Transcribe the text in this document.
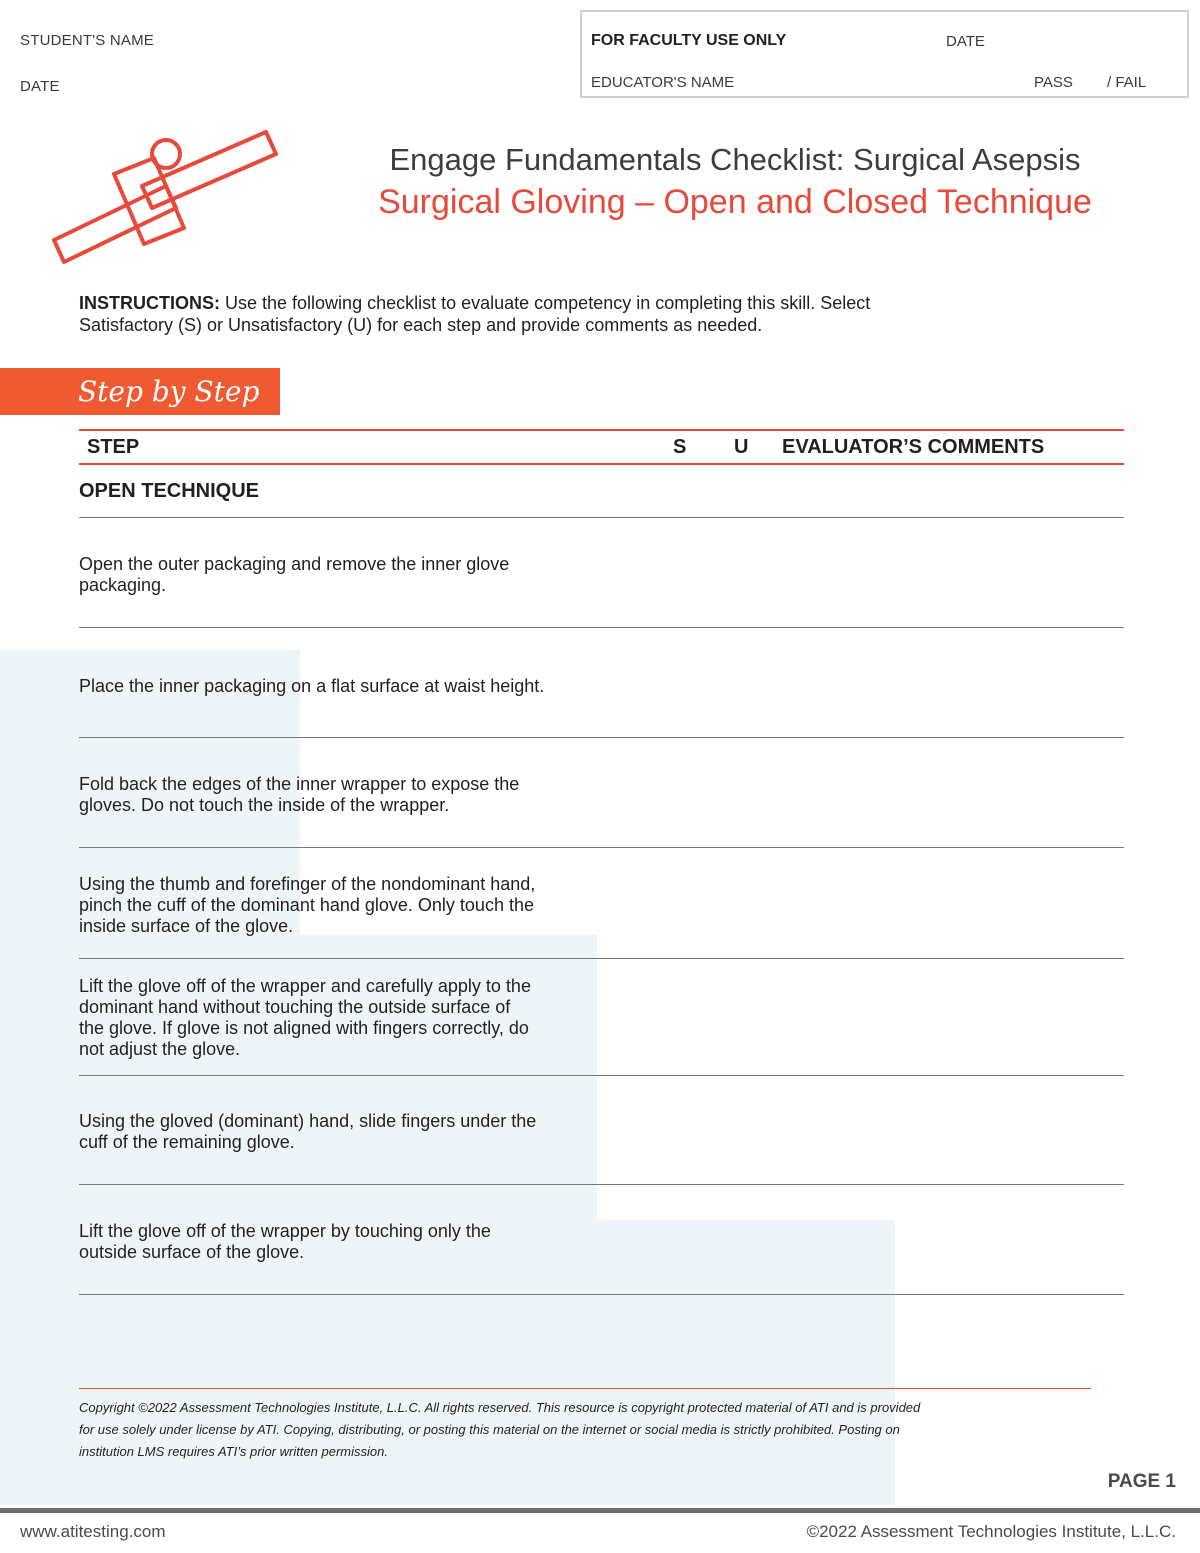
STUDENT'S NAME
DATE
FOR FACULTY USE ONLY	DATE
EDUCATOR'S NAME	PASS / FAIL
Engage Fundamentals Checklist: Surgical Asepsis
Surgical Gloving – Open and Closed Technique
INSTRUCTIONS: Use the following checklist to evaluate competency in completing this skill. Select
Satisfactory (S) or Unsatisfactory (U) for each step and provide comments as needed.
Step by Step
STEP	S U EVALUATOR’S COMMENTS
OPEN TECHNIQUE
Open the outer packaging and remove the inner glove
packaging.
Place the inner packaging on a flat surface at waist height.
Fold back the edges of the inner wrapper to expose the
gloves. Do not touch the inside of the wrapper.
Using the thumb and forefinger of the nondominant hand,
pinch the cuff of the dominant hand glove. Only touch the
inside surface of the glove.
Lift the glove off of the wrapper and carefully apply to the
dominant hand without touching the outside surface of
the glove. If glove is not aligned with fingers correctly, do
not adjust the glove.
Using the gloved (dominant) hand, slide fingers under the
cuff of the remaining glove.
Lift the glove off of the wrapper by touching only the
outside surface of the glove.
Copyright ©2022 Assessment Technologies Institute, L.L.C. All rights reserved. This resource is copyright protected material of ATI and is provided
for use solely under license by ATI. Copying, distributing, or posting this material on the internet or social media is strictly prohibited. Posting on
institution LMS requires ATI’s prior written permission.
PAGE 1
www.atitesting.com	©2022 Assessment Technologies Institute, L.L.C.
